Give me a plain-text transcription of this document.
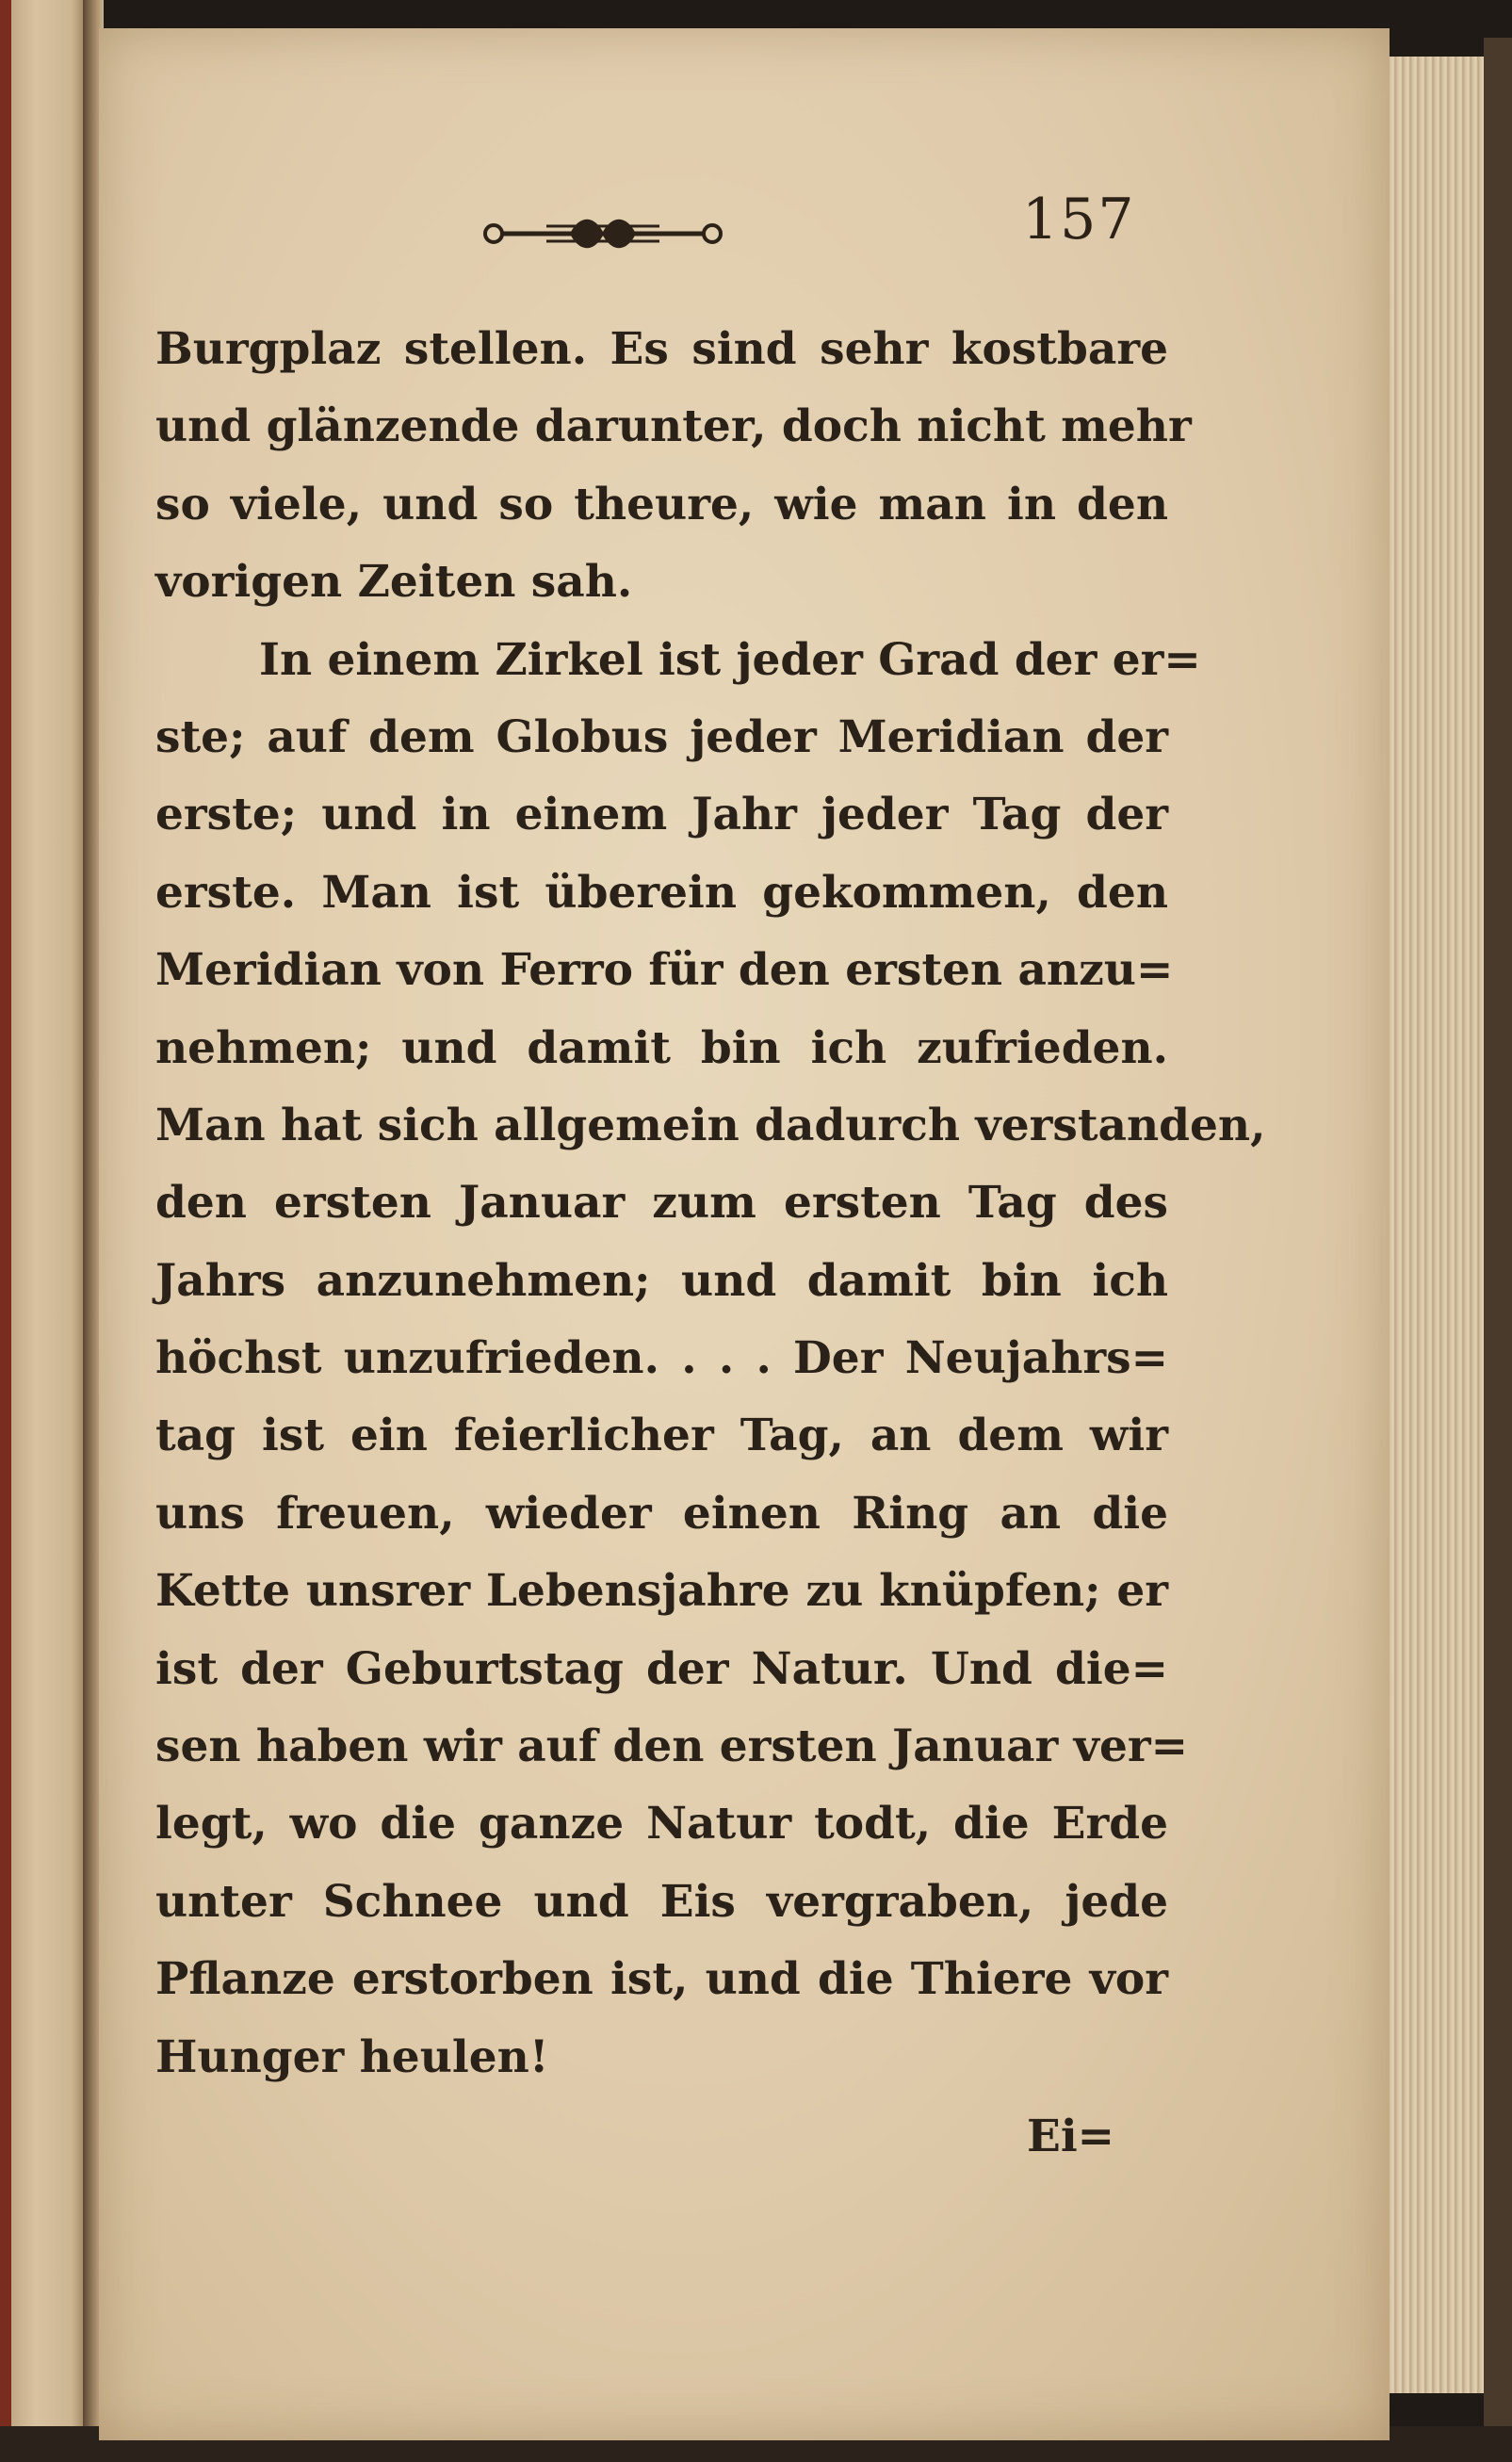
157
Burgplaz stellen. Es sind sehr kostbare
und glänzende darunter, doch nicht mehr
so viele, und so theure, wie man in den
vorigen Zeiten sah.
In einem Zirkel ist jeder Grad der er=
ste; auf dem Globus jeder Meridian der
erste; und in einem Jahr jeder Tag der
erste. Man ist überein gekommen, den
Meridian von Ferro für den ersten anzu=
nehmen; und damit bin ich zufrieden.
Man hat sich allgemein dadurch verstanden,
den ersten Januar zum ersten Tag des
Jahrs anzunehmen; und damit bin ich
höchst unzufrieden. . . . Der Neujahrs=
tag ist ein feierlicher Tag, an dem wir
uns freuen, wieder einen Ring an die
Kette unsrer Lebensjahre zu knüpfen; er
ist der Geburtstag der Natur. Und die=
sen haben wir auf den ersten Januar ver=
legt, wo die ganze Natur todt, die Erde
unter Schnee und Eis vergraben, jede
Pflanze erstorben ist, und die Thiere vor
Hunger heulen!
Ei=
